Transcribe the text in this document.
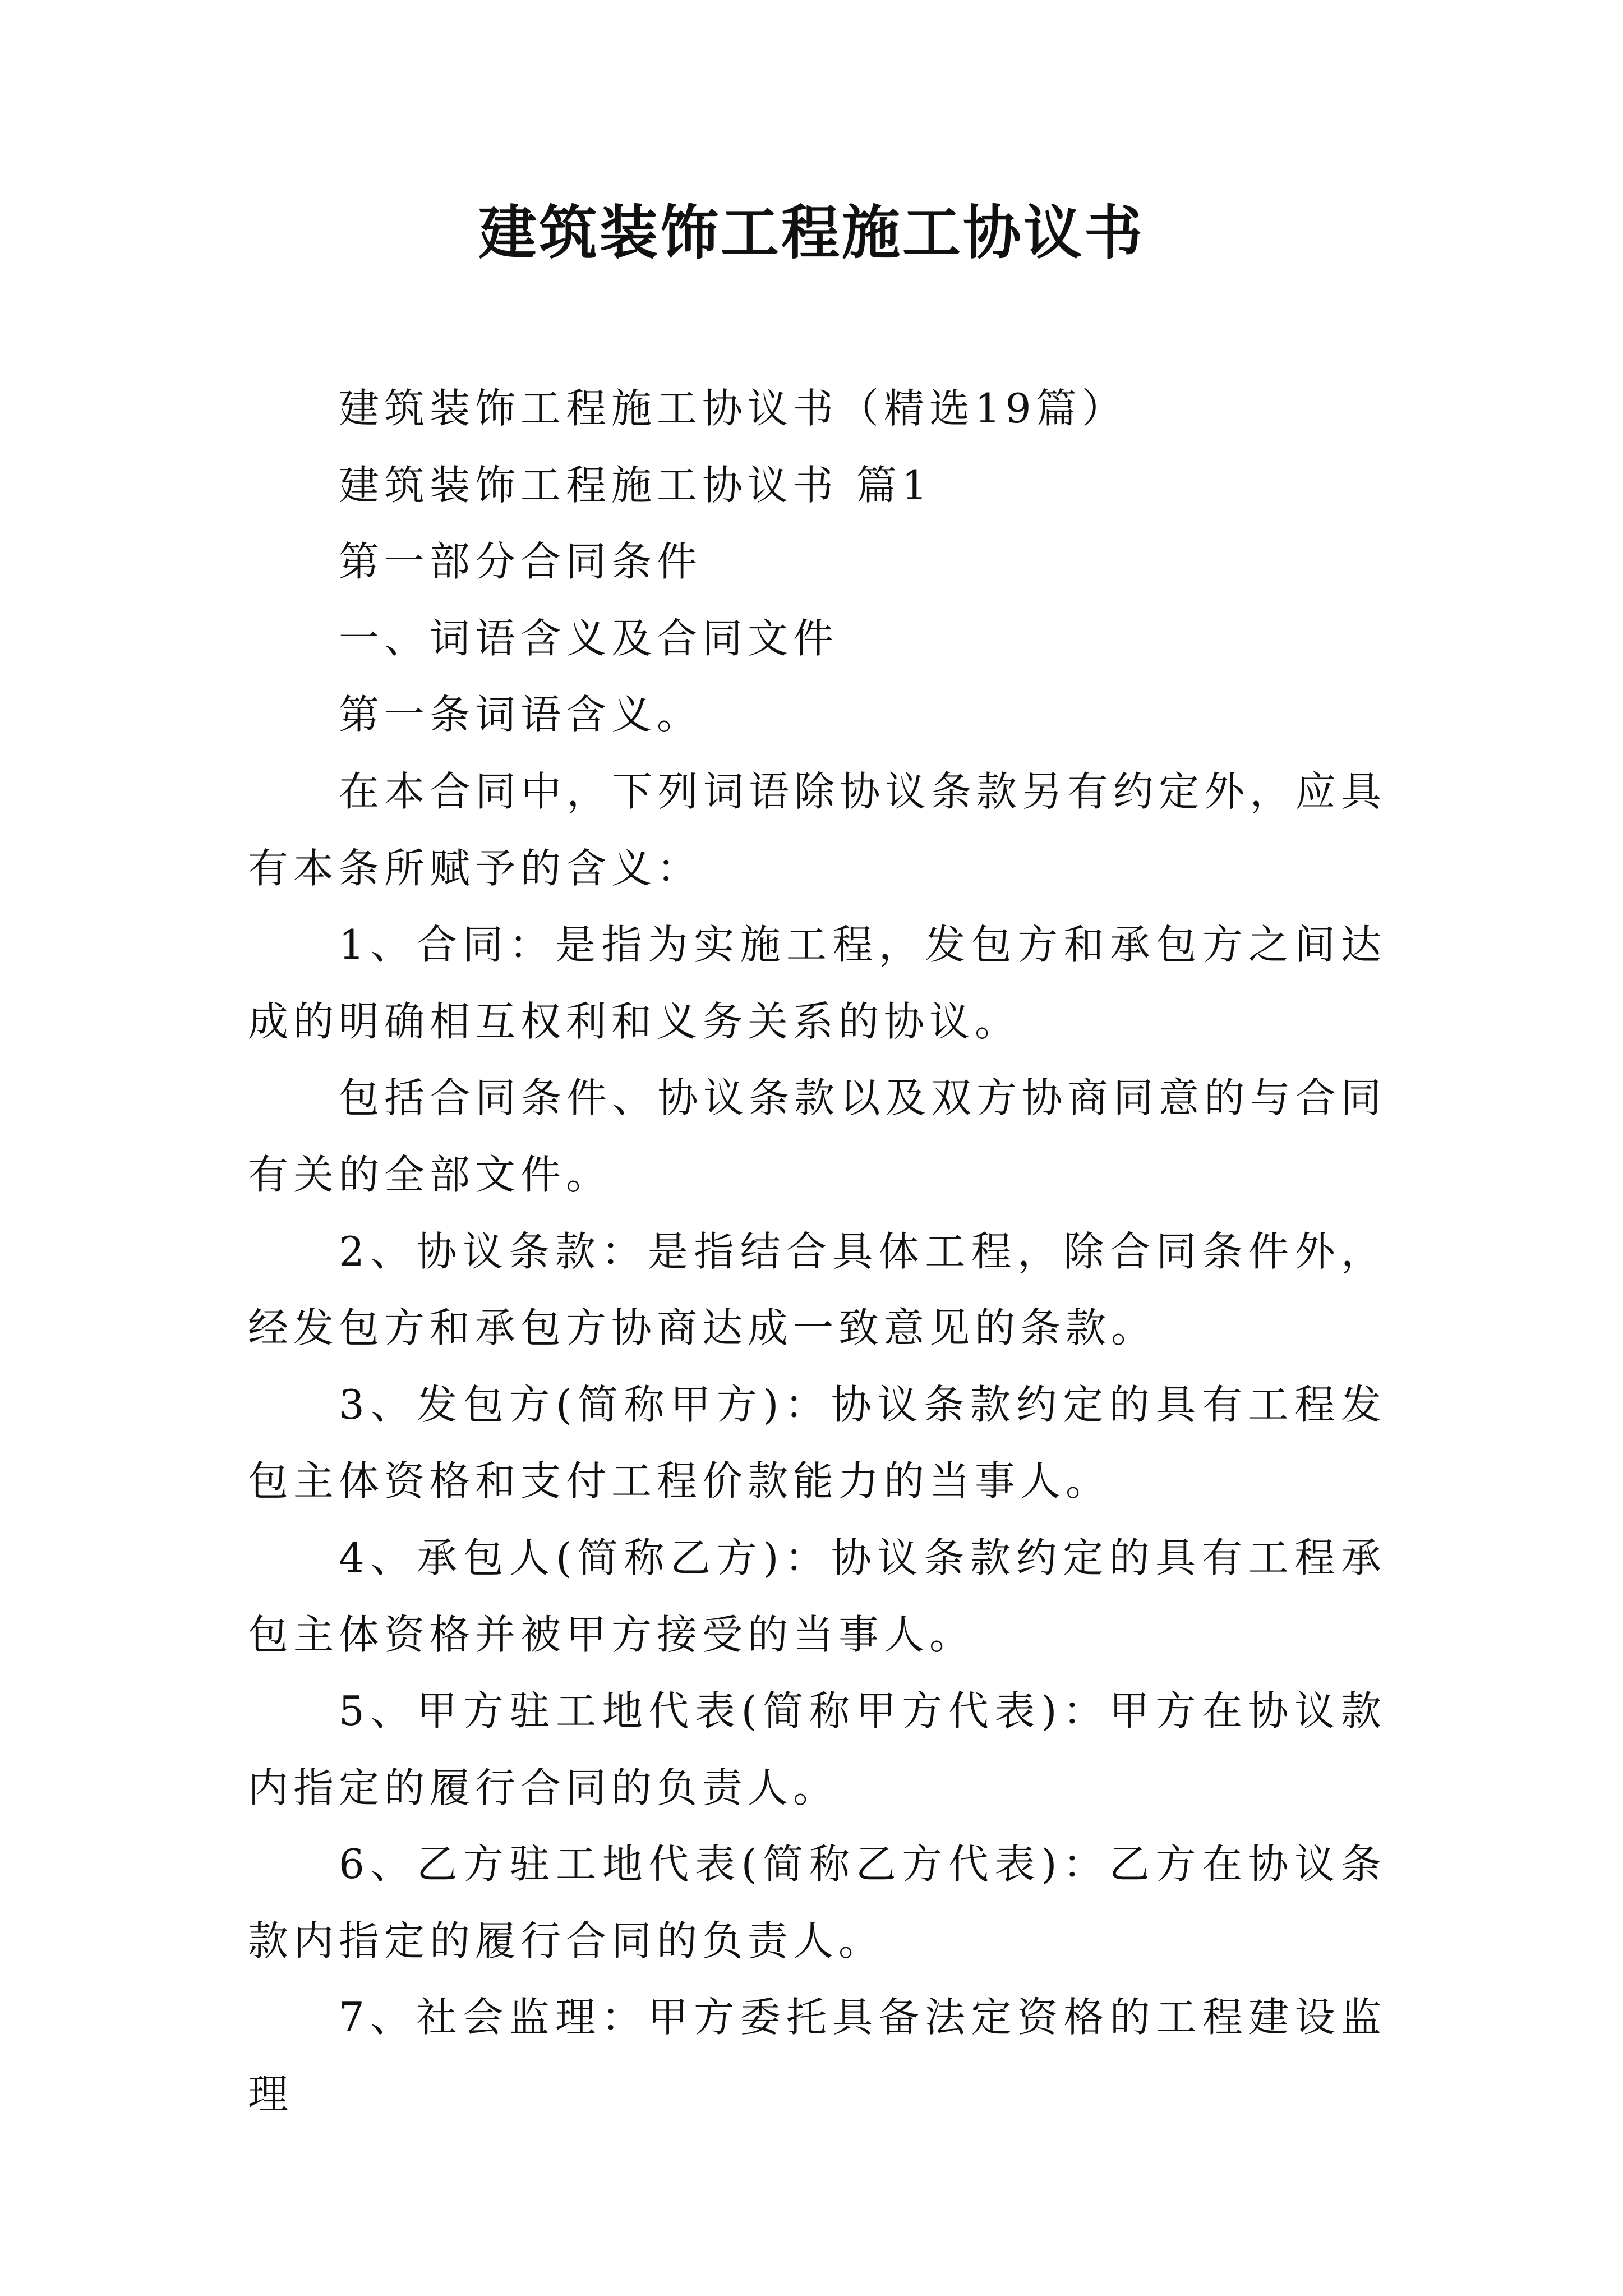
建筑装饰工程施工协议书

建筑装饰工程施工协议书（精选19篇）

建筑装饰工程施工协议书 篇1

第一部分合同条件

一、词语含义及合同文件

第一条词语含义。

在本合同中，下列词语除协议条款另有约定外，应具有本条所赋予的含义：

1、合同：是指为实施工程，发包方和承包方之间达成的明确相互权利和义务关系的协议。

包括合同条件、协议条款以及双方协商同意的与合同有关的全部文件。

2、协议条款：是指结合具体工程，除合同条件外，经发包方和承包方协商达成一致意见的条款。

3、发包方(简称甲方)：协议条款约定的具有工程发包主体资格和支付工程价款能力的当事人。

4、承包人(简称乙方)：协议条款约定的具有工程承包主体资格并被甲方接受的当事人。

5、甲方驻工地代表(简称甲方代表)：甲方在协议款内指定的履行合同的负责人。

6、乙方驻工地代表(简称乙方代表)：乙方在协议条款内指定的履行合同的负责人。

7、社会监理：甲方委托具备法定资格的工程建设监理
